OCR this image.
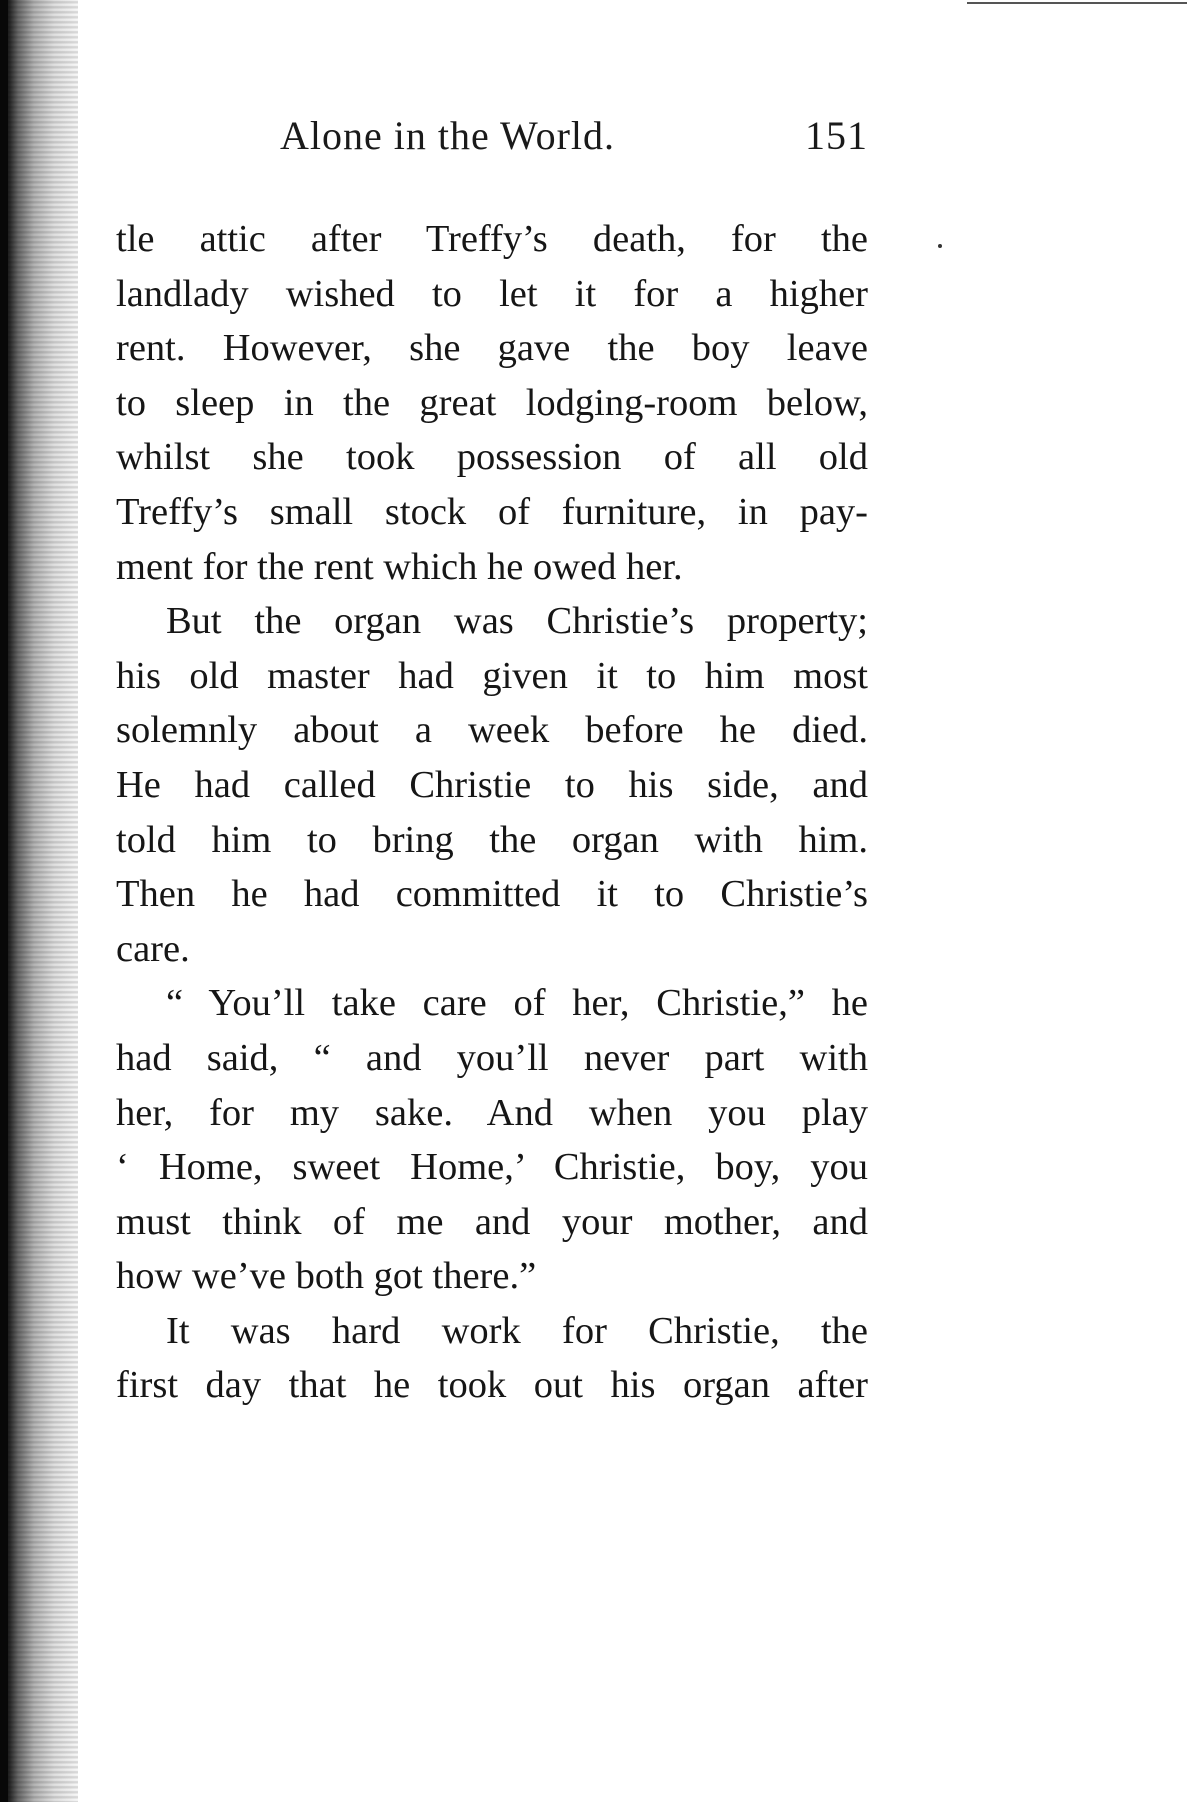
Alone in the World.	151
tle attic after Treffy’s death, for the
landlady wished to let it for a higher
rent. However, she gave the boy leave
to sleep in the great lodging-room below,
whilst she took possession of all old
Treffy’s small stock of furniture, in pay-
ment for the rent which he owed her.
But the organ was Christie’s property;
his old master had given it to him most
solemnly about a week before he died.
He had called Christie to his side, and
told him to bring the organ with him.
Then he had committed it to Christie’s
care.
“ You’ll take care of her, Christie,” he
had said, “ and you’ll never part with
her, for my sake. And when you play
‘ Home, sweet Home,’ Christie, boy, you
must think of me and your mother, and
how we’ve both got there.”
It was hard work for Christie, the
first day that he took out his organ after
